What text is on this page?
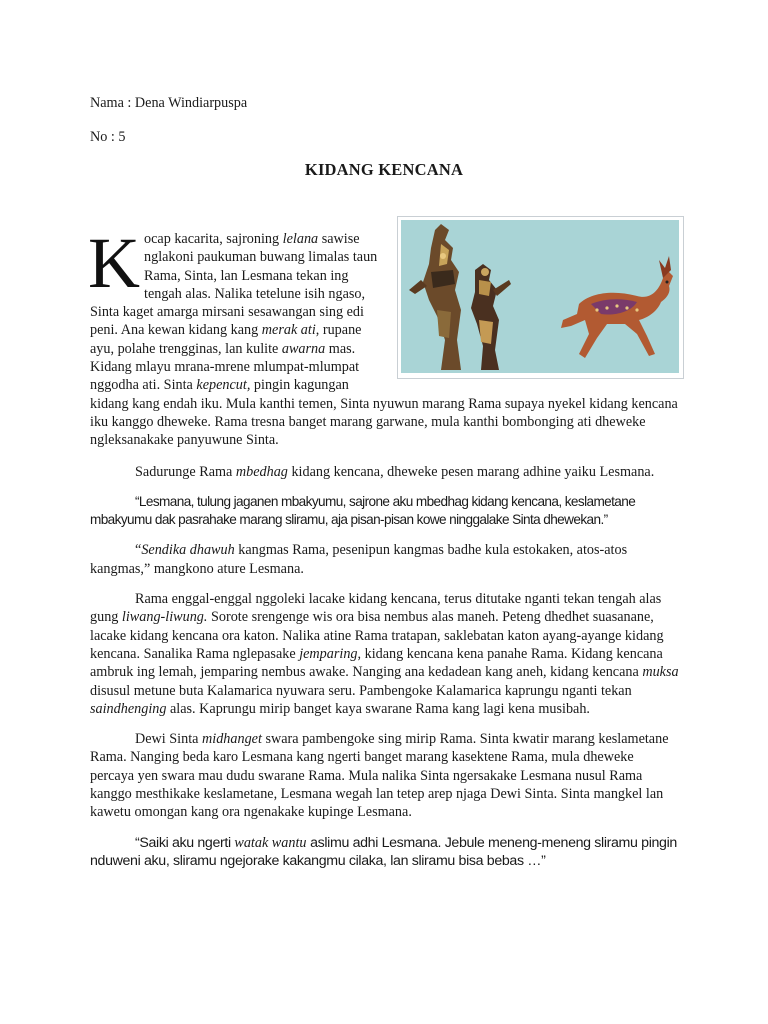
Nama : Dena Windiarpuspa
No : 5
KIDANG KENCANA

Kocap kacarita, sajroning lelana sawise nglakoni paukuman buwang limalas taun Rama, Sinta, lan Lesmana tekan ing tengah alas. Nalika tetelune isih ngaso, Sinta kaget amarga mirsani sesawangan sing edi peni. Ana kewan kidang kang merak ati, rupane ayu, polahe trengginas, lan kulite awarna mas. Kidang mlayu mrana-mrene mlumpat-mlumpat nggodha ati. Sinta kepencut, pingin kagungan kidang kang endah iku. Mula kanthi temen, Sinta nyuwun marang Rama supaya nyekel kidang kencana iku kanggo dheweke. Rama tresna banget marang garwane, mula kanthi bombonging ati dheweke ngleksanakake panyuwune Sinta.

Sadurunge Rama mbedhag kidang kencana, dheweke pesen marang adhine yaiku Lesmana.

“Lesmana, tulung jaganen mbakyumu, sajrone aku mbedhag kidang kencana, keslametane mbakyumu dak pasrahake marang sliramu, aja pisan-pisan kowe ninggalake Sinta dhewekan.”

“Sendika dhawuh kangmas Rama, pesenipun kangmas badhe kula estokaken, atos-atos kangmas,” mangkono ature Lesmana.

Rama enggal-enggal nggoleki lacake kidang kencana, terus ditutake nganti tekan tengah alas gung liwang-liwung. Sorote srengenge wis ora bisa nembus alas maneh. Peteng dhedhet suasanane, lacake kidang kencana ora katon. Nalika atine Rama tratapan, saklebatan katon ayang-ayange kidang kencana. Sanalika Rama nglepasake jemparing, kidang kencana kena panahe Rama. Kidang kencana ambruk ing lemah, jemparing nembus awake. Nanging ana kedadean kang aneh, kidang kencana muksa disusul metune buta Kalamarica nyuwara seru. Pambengoke Kalamarica kaprungu nganti tekan saindhenging alas. Kaprungu mirip banget kaya swarane Rama kang lagi kena musibah.

Dewi Sinta midhanget swara pambengoke sing mirip Rama. Sinta kwatir marang keslametane Rama. Nanging beda karo Lesmana kang ngerti banget marang kasektene Rama, mula dheweke percaya yen swara mau dudu swarane Rama. Mula nalika Sinta ngersakake Lesmana nusul Rama kanggo mesthikake keslametane, Lesmana wegah lan tetep arep njaga Dewi Sinta. Sinta mangkel lan kawetu omongan kang ora ngenakake kupinge Lesmana.

“Saiki aku ngerti watak wantu aslimu adhi Lesmana. Jebule meneng-meneng sliramu pingin nduweni aku, sliramu ngejorake kakangmu cilaka, lan sliramu bisa bebas …”
